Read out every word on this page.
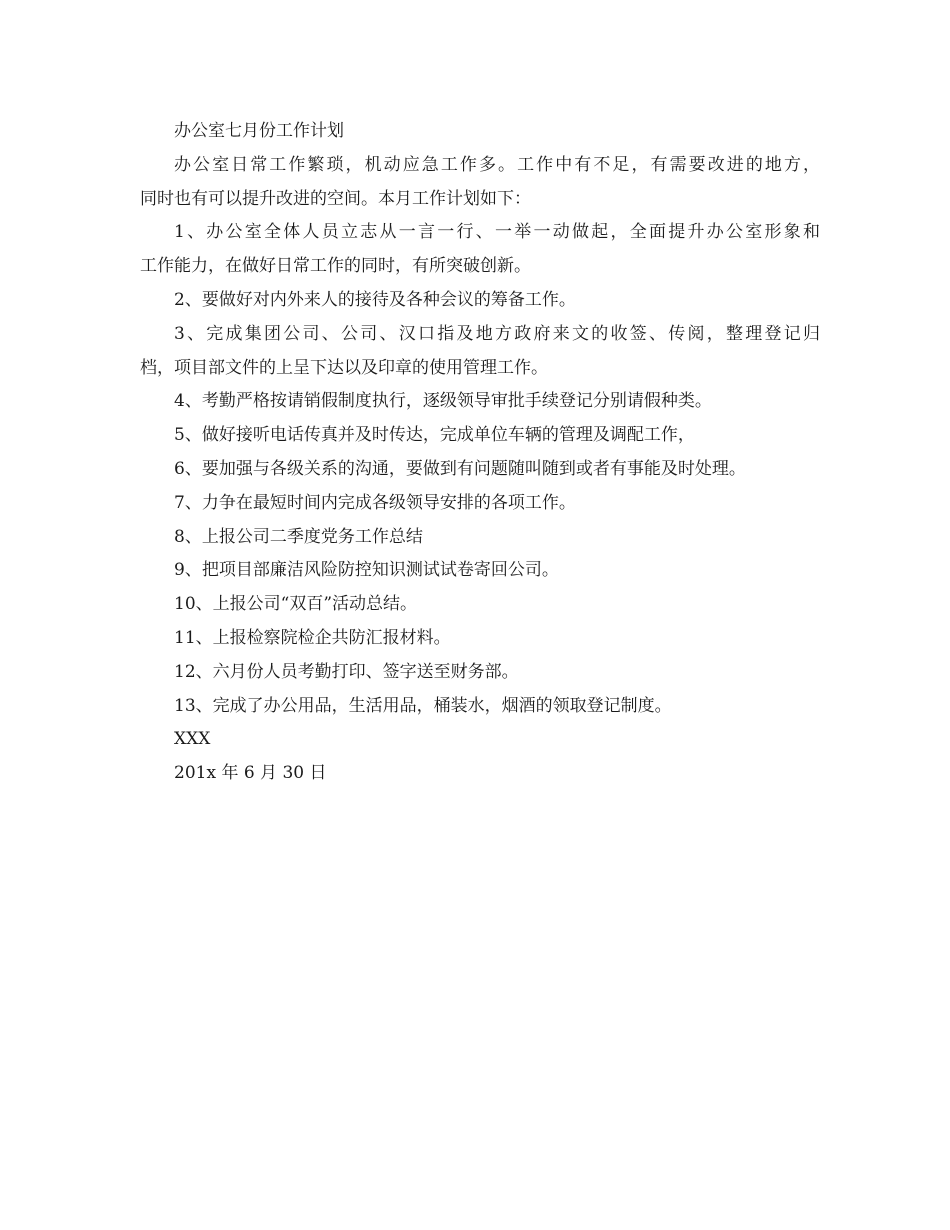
办公室七月份工作计划
办公室日常工作繁琐，机动应急工作多。工作中有不足，有需要改进的地方，
同时也有可以提升改进的空间。本月工作计划如下：
1、办公室全体人员立志从一言一行、一举一动做起，全面提升办公室形象和
工作能力，在做好日常工作的同时，有所突破创新。
2、要做好对内外来人的接待及各种会议的筹备工作。
3、完成集团公司、公司、汉口指及地方政府来文的收签、传阅，整理登记归
档，项目部文件的上呈下达以及印章的使用管理工作。
4、考勤严格按请销假制度执行，逐级领导审批手续登记分别请假种类。
5、做好接听电话传真并及时传达，完成单位车辆的管理及调配工作，
6、要加强与各级关系的沟通，要做到有问题随叫随到或者有事能及时处理。
7、力争在最短时间内完成各级领导安排的各项工作。
8、上报公司二季度党务工作总结
9、把项目部廉洁风险防控知识测试试卷寄回公司。
10、上报公司“双百”活动总结。
11、上报检察院检企共防汇报材料。
12、六月份人员考勤打印、签字送至财务部。
13、完成了办公用品，生活用品，桶装水，烟酒的领取登记制度。
XXX
201x 年 6 月 30 日
